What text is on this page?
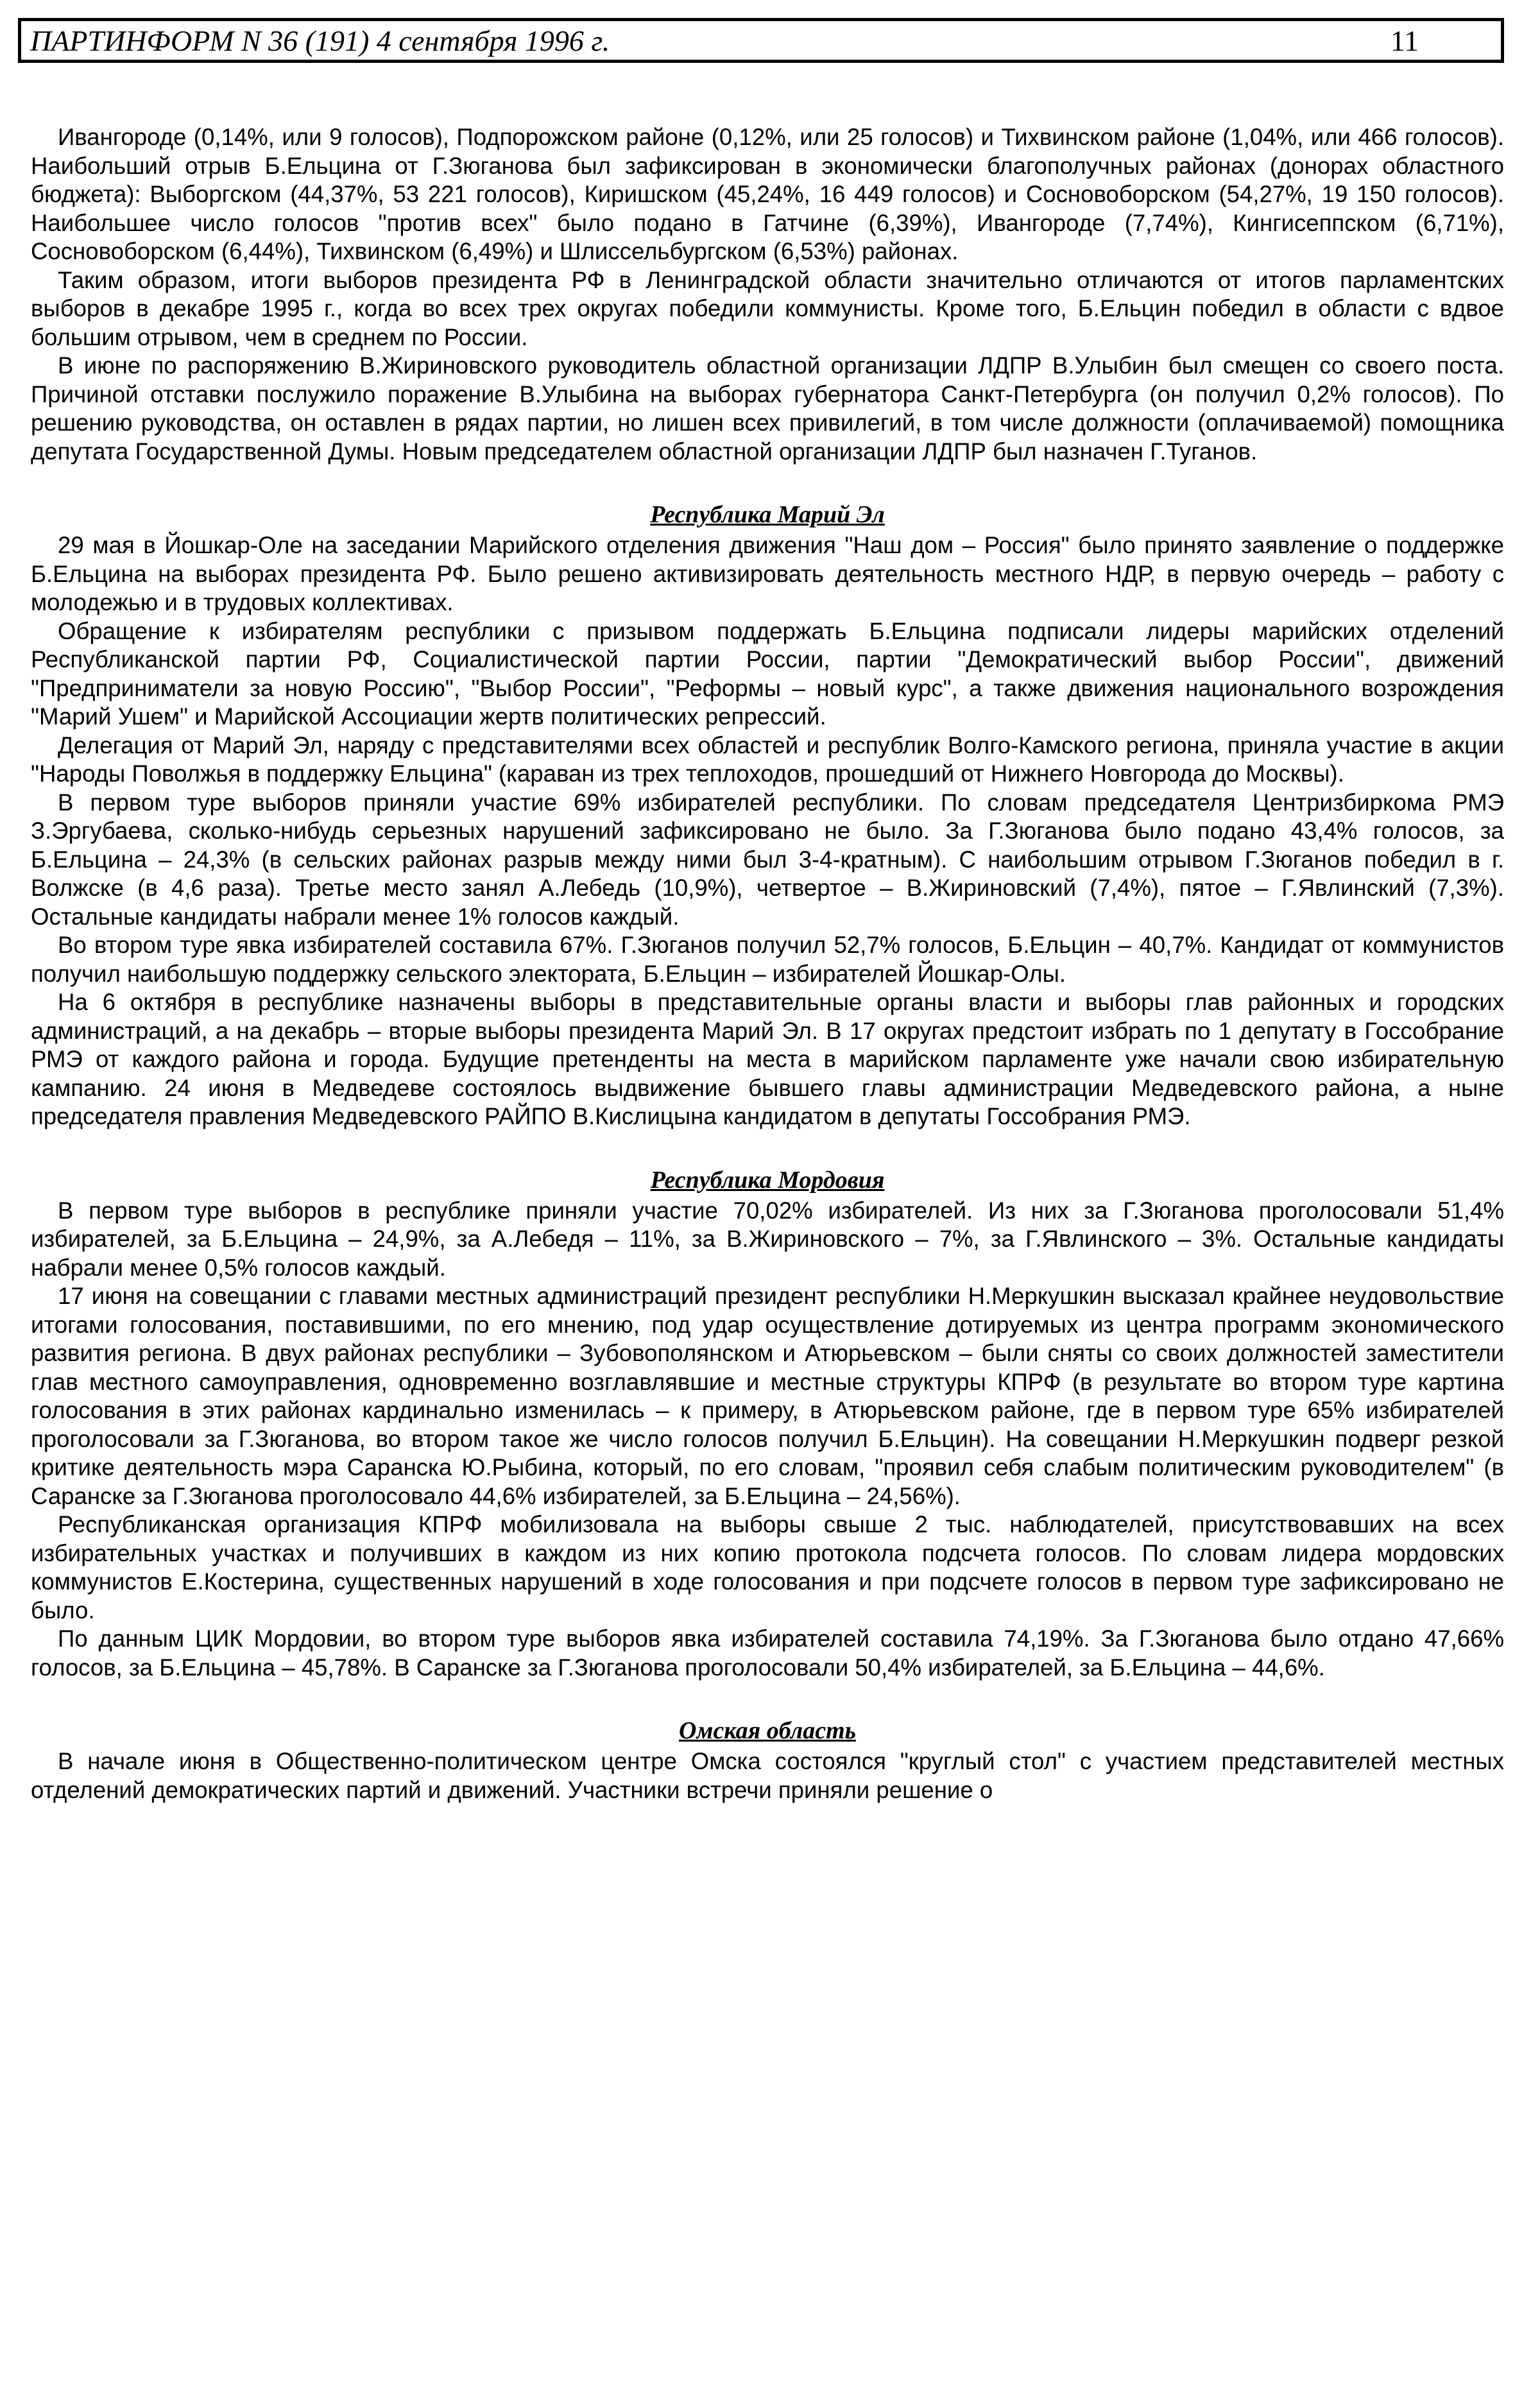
ПАРТИНФОРМ N 36 (191) 4 сентября 1996 г.	11

Ивангороде (0,14%, или 9 голосов), Подпорожском районе (0,12%, или 25 голосов) и Тихвинском районе (1,04%, или 466 голосов). Наибольший отрыв Б.Ельцина от Г.Зюганова был зафиксирован в экономически благополучных районах (донорах областного бюджета): Выборгском (44,37%, 53 221 голосов), Киришском (45,24%, 16 449 голосов) и Сосновоборском (54,27%, 19 150 голосов). Наибольшее число голосов "против всех" было подано в Гатчине (6,39%), Ивангороде (7,74%), Кингисеппском (6,71%), Сосновоборском (6,44%), Тихвинском (6,49%) и Шлиссельбургском (6,53%) районах.

Таким образом, итоги выборов президента РФ в Ленинградской области значительно отличаются от итогов парламентских выборов в декабре 1995 г., когда во всех трех округах победили коммунисты. Кроме того, Б.Ельцин победил в области с вдвое большим отрывом, чем в среднем по России.

В июне по распоряжению В.Жириновского руководитель областной организации ЛДПР В.Улыбин был смещен со своего поста. Причиной отставки послужило поражение В.Улыбина на выборах губернатора Санкт-Петербурга (он получил 0,2% голосов). По решению руководства, он оставлен в рядах партии, но лишен всех привилегий, в том числе должности (оплачиваемой) помощника депутата Государственной Думы. Новым председателем областной организации ЛДПР был назначен Г.Туганов.

Республика Марий Эл

29 мая в Йошкар-Оле на заседании Марийского отделения движения "Наш дом – Россия" было принято заявление о поддержке Б.Ельцина на выборах президента РФ. Было решено активизировать деятельность местного НДР, в первую очередь – работу с молодежью и в трудовых коллективах.

Обращение к избирателям республики с призывом поддержать Б.Ельцина подписали лидеры марийских отделений Республиканской партии РФ, Социалистической партии России, партии "Демократический выбор России", движений "Предприниматели за новую Россию", "Выбор России", "Реформы – новый курс", а также движения национального возрождения "Марий Ушем" и Марийской Ассоциации жертв политических репрессий.

Делегация от Марий Эл, наряду с представителями всех областей и республик Волго-Камского региона, приняла участие в акции "Народы Поволжья в поддержку Ельцина" (караван из трех теплоходов, прошедший от Нижнего Новгорода до Москвы).

В первом туре выборов приняли участие 69% избирателей республики. По словам председателя Центризбиркома РМЭ З.Эргубаева, сколько-нибудь серьезных нарушений зафиксировано не было. За Г.Зюганова было подано 43,4% голосов, за Б.Ельцина – 24,3% (в сельских районах разрыв между ними был 3-4-кратным). С наибольшим отрывом Г.Зюганов победил в г. Волжске (в 4,6 раза). Третье место занял А.Лебедь (10,9%), четвертое – В.Жириновский (7,4%), пятое – Г.Явлинский (7,3%). Остальные кандидаты набрали менее 1% голосов каждый.

Во втором туре явка избирателей составила 67%. Г.Зюганов получил 52,7% голосов, Б.Ельцин – 40,7%. Кандидат от коммунистов получил наибольшую поддержку сельского электората, Б.Ельцин – избирателей Йошкар-Олы.

На 6 октября в республике назначены выборы в представительные органы власти и выборы глав районных и городских администраций, а на декабрь – вторые выборы президента Марий Эл. В 17 округах предстоит избрать по 1 депутату в Госсобрание РМЭ от каждого района и города. Будущие претенденты на места в марийском парламенте уже начали свою избирательную кампанию. 24 июня в Медведеве состоялось выдвижение бывшего главы администрации Медведевского района, а ныне председателя правления Медведевского РАЙПО В.Кислицына кандидатом в депутаты Госсобрания РМЭ.

Республика Мордовия

В первом туре выборов в республике приняли участие 70,02% избирателей. Из них за Г.Зюганова проголосовали 51,4% избирателей, за Б.Ельцина – 24,9%, за А.Лебедя – 11%, за В.Жириновского – 7%, за Г.Явлинского – 3%. Остальные кандидаты набрали менее 0,5% голосов каждый.

17 июня на совещании с главами местных администраций президент республики Н.Меркушкин высказал крайнее неудовольствие итогами голосования, поставившими, по его мнению, под удар осуществление дотируемых из центра программ экономического развития региона. В двух районах республики – Зубовополянском и Атюрьевском – были сняты со своих должностей заместители глав местного самоуправления, одновременно возглавлявшие и местные структуры КПРФ (в результате во втором туре картина голосования в этих районах кардинально изменилась – к примеру, в Атюрьевском районе, где в первом туре 65% избирателей проголосовали за Г.Зюганова, во втором такое же число голосов получил Б.Ельцин). На совещании Н.Меркушкин подверг резкой критике деятельность мэра Саранска Ю.Рыбина, который, по его словам, "проявил себя слабым политическим руководителем" (в Саранске за Г.Зюганова проголосовало 44,6% избирателей, за Б.Ельцина – 24,56%).

Республиканская организация КПРФ мобилизовала на выборы свыше 2 тыс. наблюдателей, присутствовавших на всех избирательных участках и получивших в каждом из них копию протокола подсчета голосов. По словам лидера мордовских коммунистов Е.Костерина, существенных нарушений в ходе голосования и при подсчете голосов в первом туре зафиксировано не было.

По данным ЦИК Мордовии, во втором туре выборов явка избирателей составила 74,19%. За Г.Зюганова было отдано 47,66% голосов, за Б.Ельцина – 45,78%. В Саранске за Г.Зюганова проголосовали 50,4% избирателей, за Б.Ельцина – 44,6%.

Омская область

В начале июня в Общественно-политическом центре Омска состоялся "круглый стол" с участием представителей местных отделений демократических партий и движений. Участники встречи приняли решение о
